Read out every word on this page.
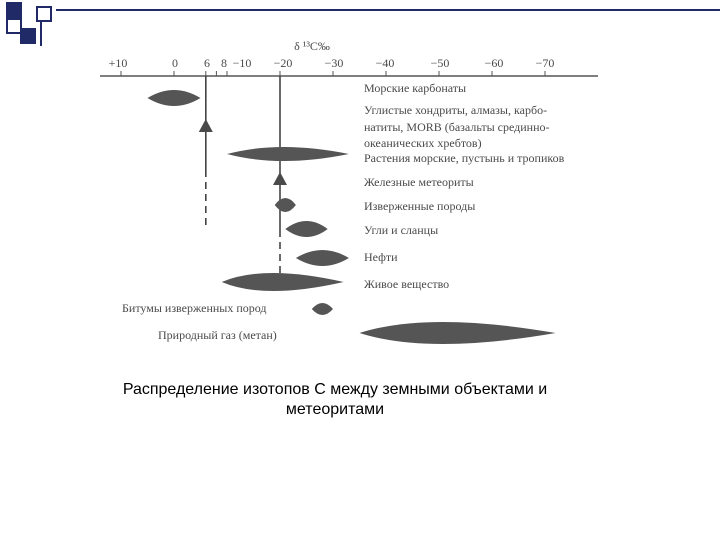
δ ¹³C‰
+10	0 6 8 −10 −20	−30	−40	−50	−60	−70
Морские карбонаты
Углистые хондриты, алмазы, карбо-
натиты, MORB (базальты срединно-
океанических хребтов)
Растения морские, пустынь и тропиков
Железные метеориты
Изверженные породы
Угли и сланцы
Нефти
Живое вещество
Битумы изверженных пород
Природный газ (метан)
Распределение изотопов C между земными объектами и
метеоритами
